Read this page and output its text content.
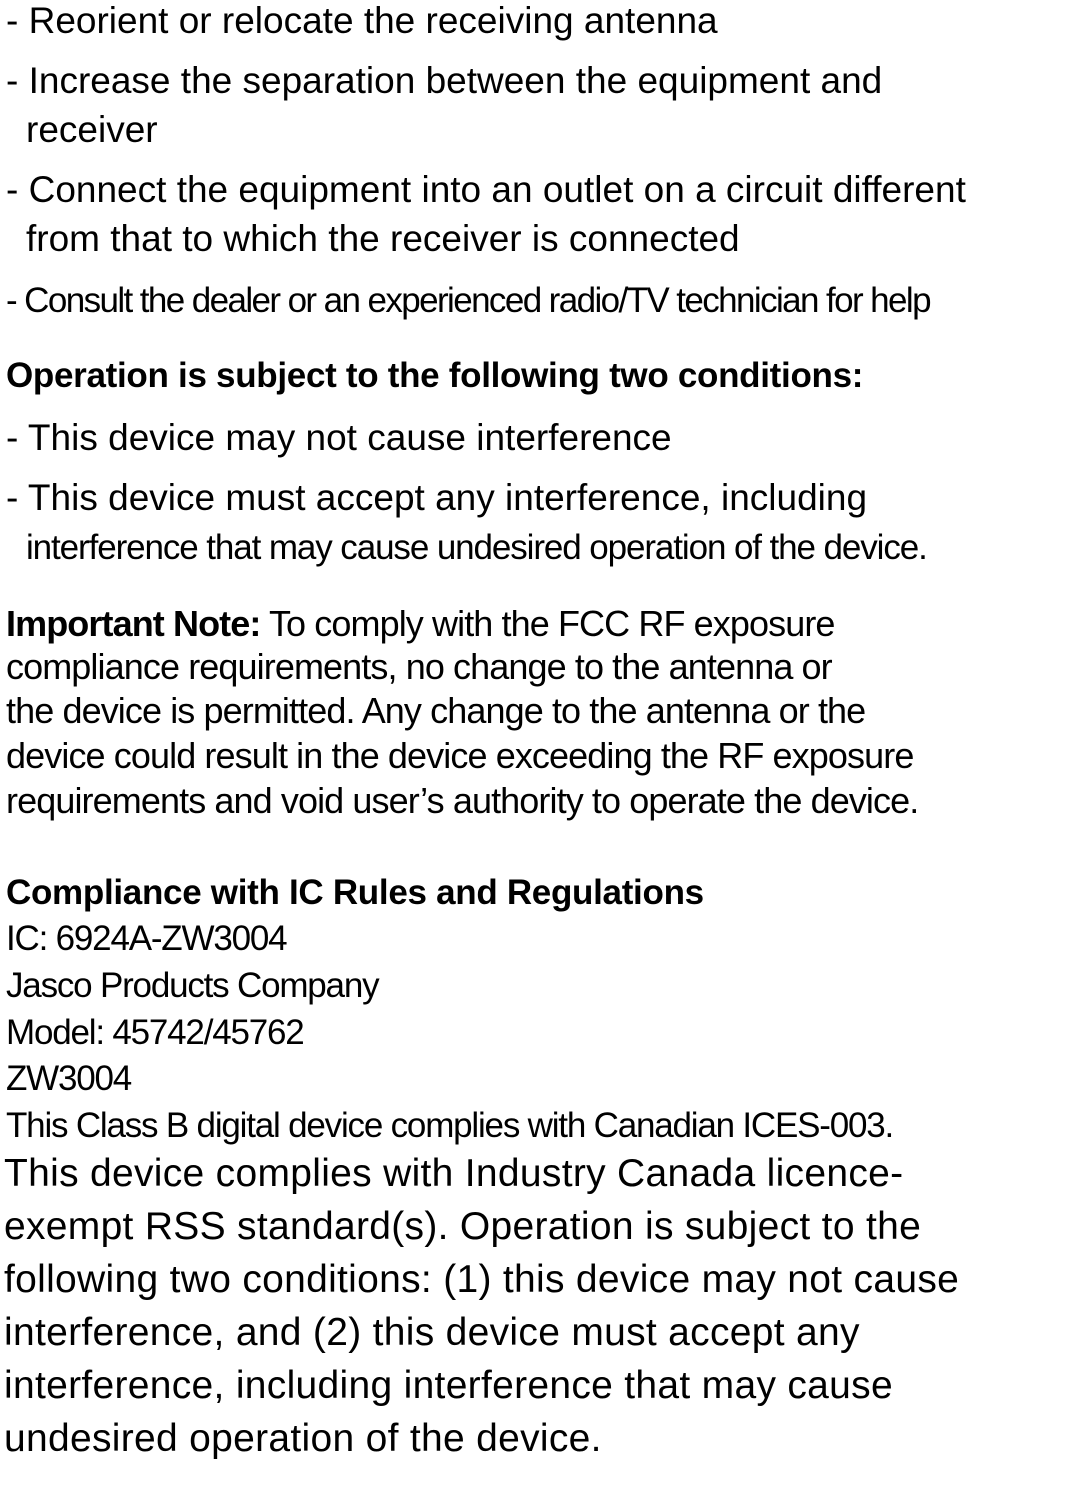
- Reorient or relocate the receiving antenna
- Increase the separation between the equipment and
receiver
- Connect the equipment into an outlet on a circuit different
from that to which the receiver is connected
- Consult the dealer or an experienced radio/TV technician for help
Operation is subject to the following two conditions:
- This device may not cause interference
- This device must accept any interference, including
interference that may cause undesired operation of the device.
Important Note: To comply with the FCC RF exposure
compliance requirements, no change to the antenna or
the device is permitted. Any change to the antenna or the
device could result in the device exceeding the RF exposure
requirements and void user’s authority to operate the device.
Compliance with IC Rules and Regulations
IC: 6924A-ZW3004
Jasco Products Company
Model: 45742/45762
ZW3004
This Class B digital device complies with Canadian ICES-003.
This device complies with Industry Canada licence-
exempt RSS standard(s). Operation is subject to the
following two conditions: (1) this device may not cause
interference, and (2) this device must accept any
interference, including interference that may cause
undesired operation of the device.
